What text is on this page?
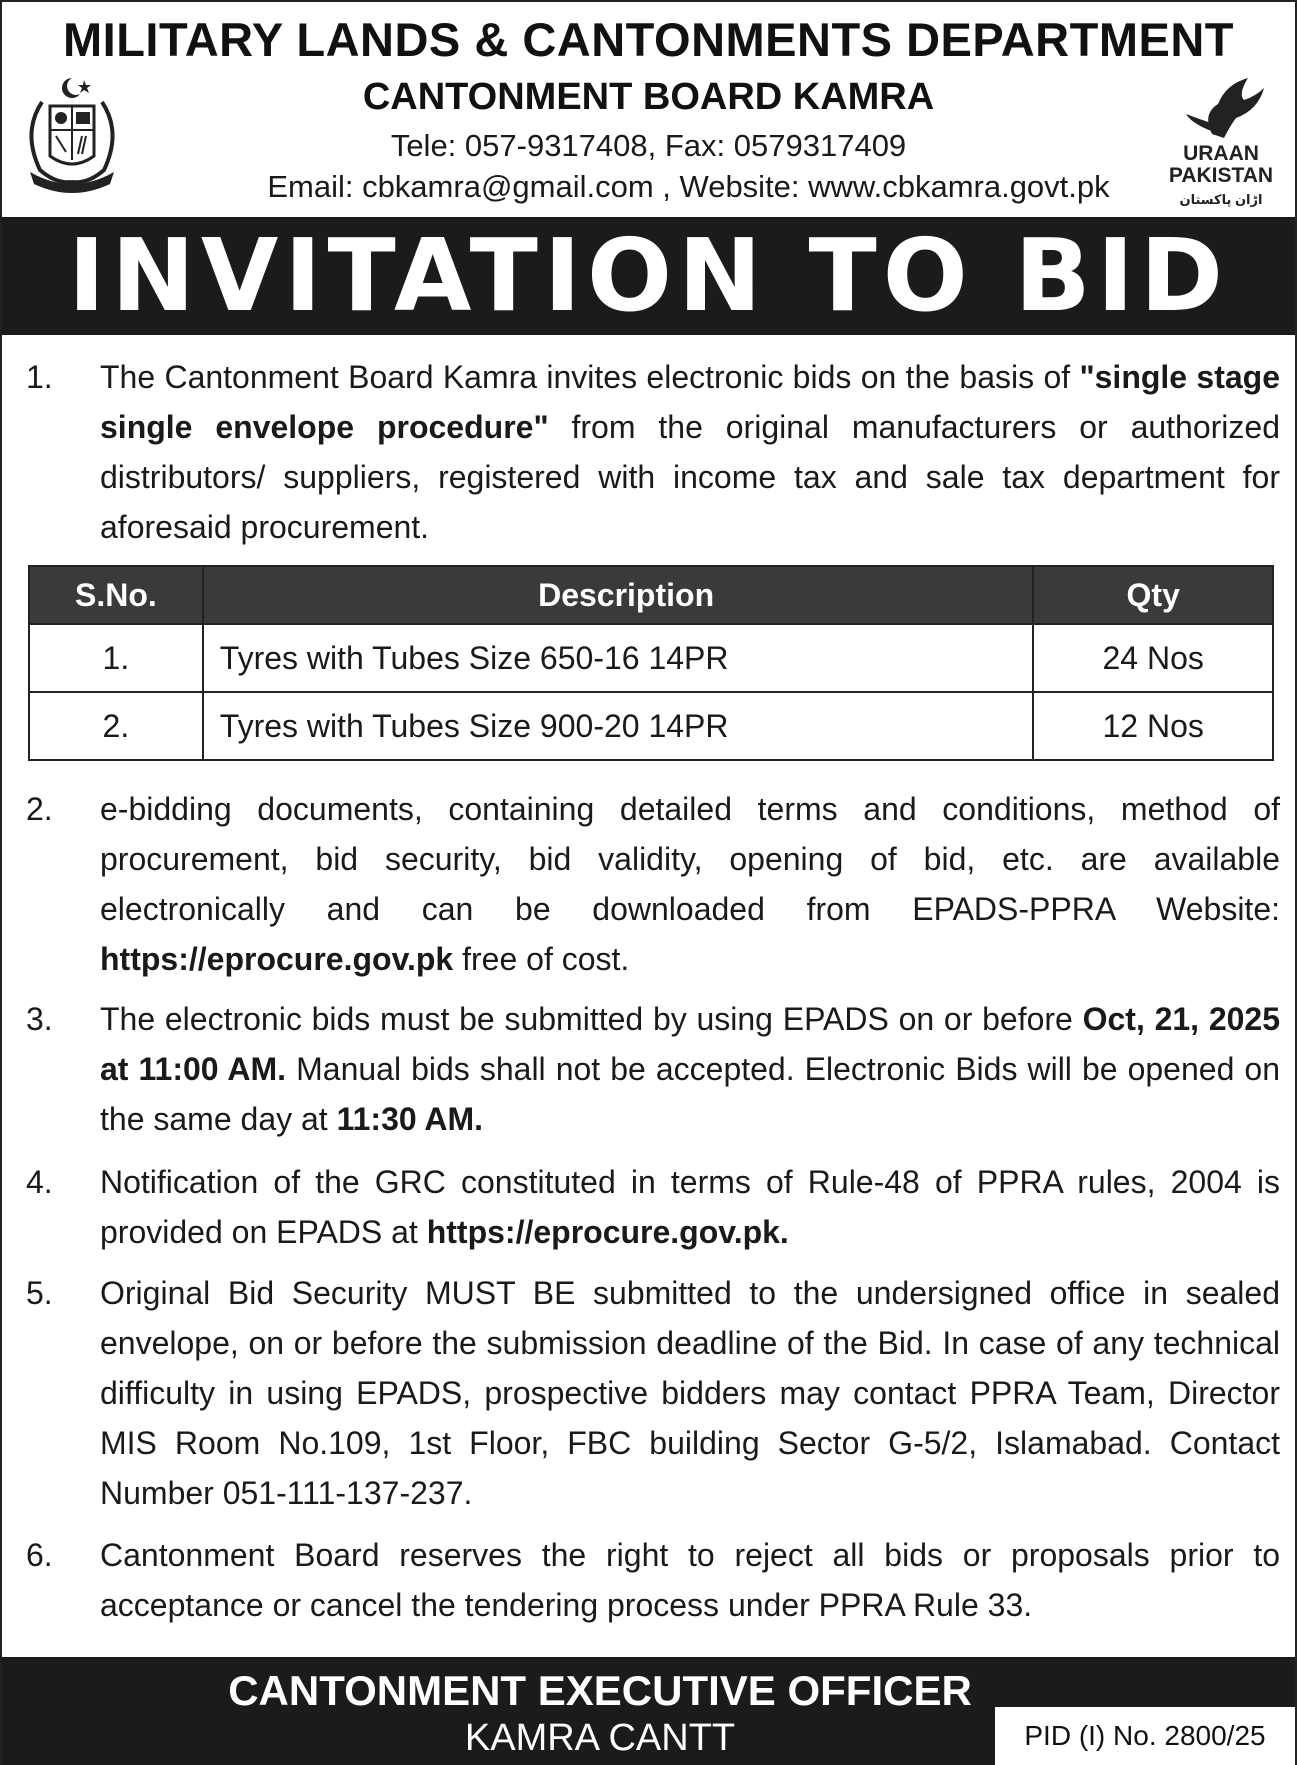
MILITARY LANDS & CANTONMENTS DEPARTMENT
CANTONMENT BOARD KAMRA
Tele: 057-9317408, Fax: 0579317409
Email: cbkamra@gmail.com , Website: www.cbkamra.govt.pk
URAAN
PAKISTAN
اڑان پاکستان
INVITATION TO BID
1. The Cantonment Board Kamra invites electronic bids on the basis of "single stage single envelope procedure" from the original manufacturers or authorized distributors/ suppliers, registered with income tax and sale tax department for aforesaid procurement.
S.No.	Description	Qty
1.	Tyres with Tubes Size 650-16 14PR	24 Nos
2.	Tyres with Tubes Size 900-20 14PR	12 Nos
2. e-bidding documents, containing detailed terms and conditions, method of procurement, bid security, bid validity, opening of bid, etc. are available electronically and can be downloaded from EPADS-PPRA Website: https://eprocure.gov.pk free of cost.
3. The electronic bids must be submitted by using EPADS on or before Oct, 21, 2025 at 11:00 AM. Manual bids shall not be accepted. Electronic Bids will be opened on the same day at 11:30 AM.
4. Notification of the GRC constituted in terms of Rule-48 of PPRA rules, 2004 is provided on EPADS at https://eprocure.gov.pk.
5. Original Bid Security MUST BE submitted to the undersigned office in sealed envelope, on or before the submission deadline of the Bid. In case of any technical difficulty in using EPADS, prospective bidders may contact PPRA Team, Director MIS Room No.109, 1st Floor, FBC building Sector G-5/2, Islamabad. Contact Number 051-111-137-237.
6. Cantonment Board reserves the right to reject all bids or proposals prior to acceptance or cancel the tendering process under PPRA Rule 33.
CANTONMENT EXECUTIVE OFFICER
KAMRA CANTT	PID (I) No. 2800/25
